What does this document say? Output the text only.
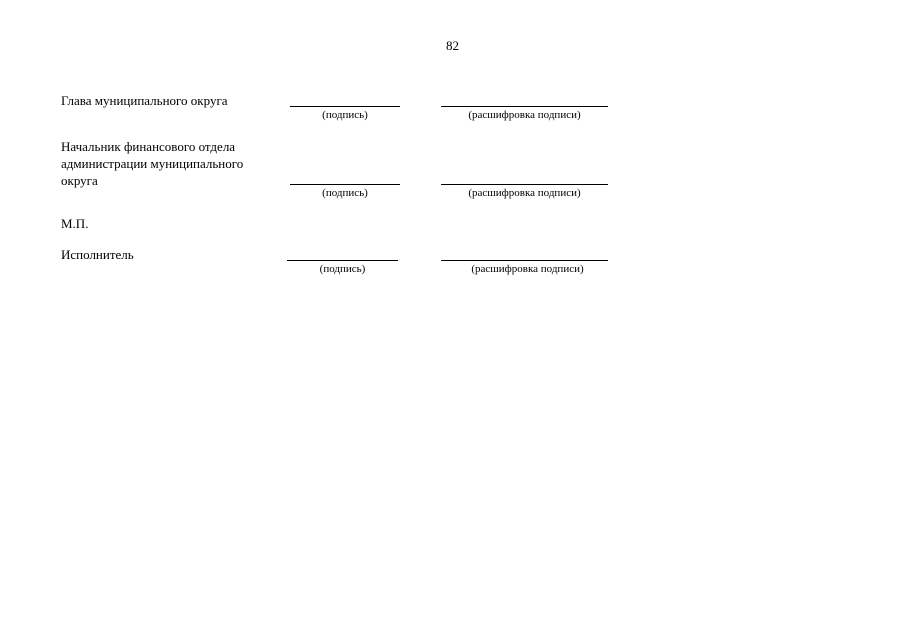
82
Глава муниципального округа
(подпись)	(расшифровка подписи)
Начальник финансового отдела
администрации муниципального
округа
(подпись)	(расшифровка подписи)
М.П.
Исполнитель
(подпись)	(расшифровка подписи)
